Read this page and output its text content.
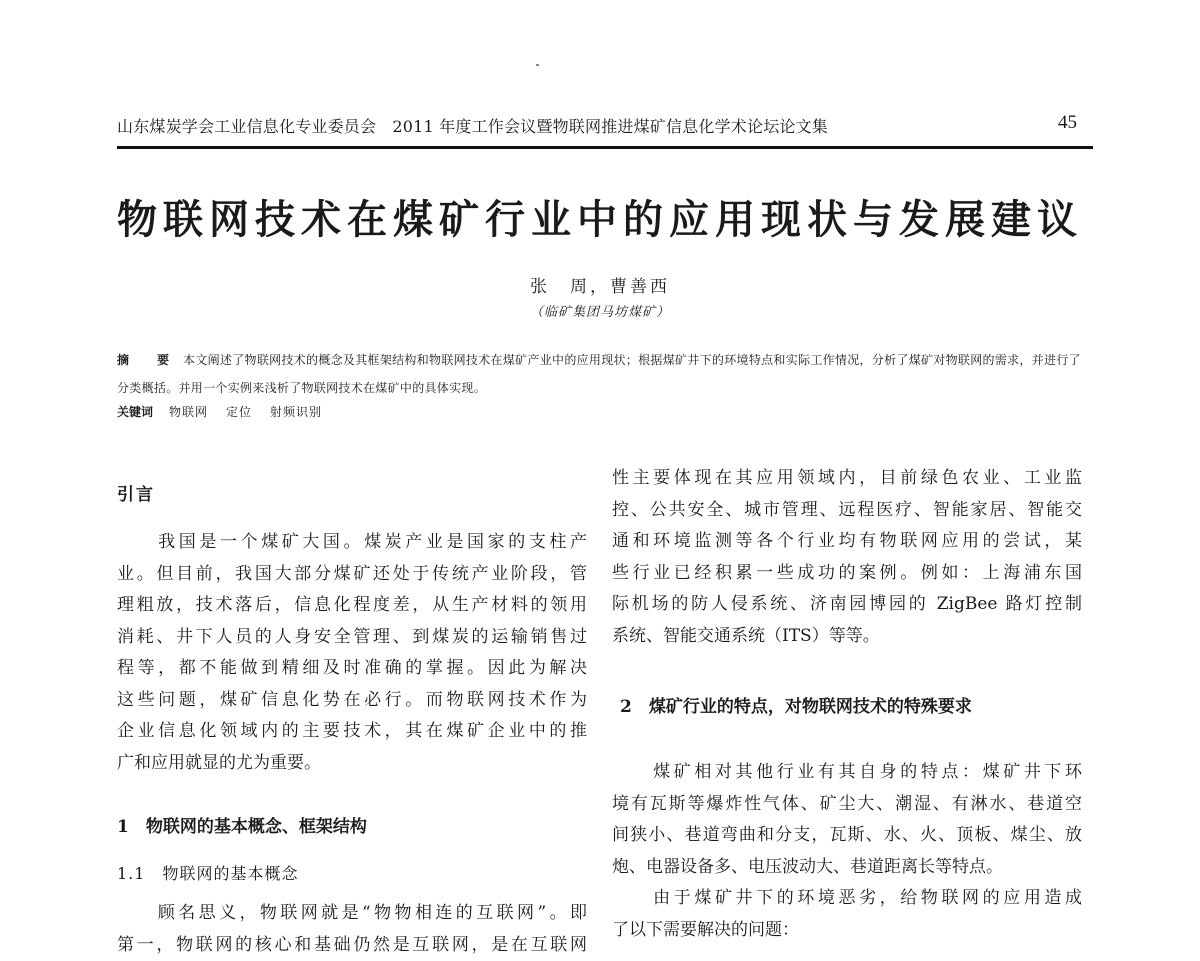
山东煤炭学会工业信息化专业委员会　2011 年度工作会议暨物联网推进煤矿信息化学术论坛论文集	45
物联网技术在煤矿行业中的应用现状与发展建议
张　周，曹善西
（临矿集团马坊煤矿）
摘　要 本文阐述了物联网技术的概念及其框架结构和物联网技术在煤矿产业中的应用现状；根据煤矿井下的环境特点和实际工作情况，分析了煤矿对物联网的需求，并进行了分类概括。并用一个实例来浅析了物联网技术在煤矿中的具体实现。
关键词 物联网 定位 射频识别
引言
　　我国是一个煤矿大国。煤炭产业是国家的支柱产
业。但目前，我国大部分煤矿还处于传统产业阶段，管
理粗放，技术落后，信息化程度差，从生产材料的领用
消耗、井下人员的人身安全管理、到煤炭的运输销售过
程等，都不能做到精细及时准确的掌握。因此为解决
这些问题，煤矿信息化势在必行。而物联网技术作为
企业信息化领域内的主要技术，其在煤矿企业中的推
广和应用就显的尤为重要。
1　物联网的基本概念、框架结构
1.1　物联网的基本概念
　　顾名思义，物联网就是“物物相连的互联网”。即
第一，物联网的核心和基础仍然是互联网，是在互联网
性主要体现在其应用领域内，目前绿色农业、工业监
控、公共安全、城市管理、远程医疗、智能家居、智能交
通和环境监测等各个行业均有物联网应用的尝试，某
些行业已经积累一些成功的案例。例如：上海浦东国
际机场的防人侵系统、济南园博园的 ZigBee 路灯控制
系统、智能交通系统（ITS）等等。
2　煤矿行业的特点，对物联网技术的特殊要求
　　煤矿相对其他行业有其自身的特点：煤矿井下环
境有瓦斯等爆炸性气体、矿尘大、潮湿、有淋水、巷道空
间狭小、巷道弯曲和分支，瓦斯、水、火、顶板、煤尘、放
炮、电器设备多、电压波动大、巷道距离长等特点。
　　由于煤矿井下的环境恶劣，给物联网的应用造成
了以下需要解决的问题：
